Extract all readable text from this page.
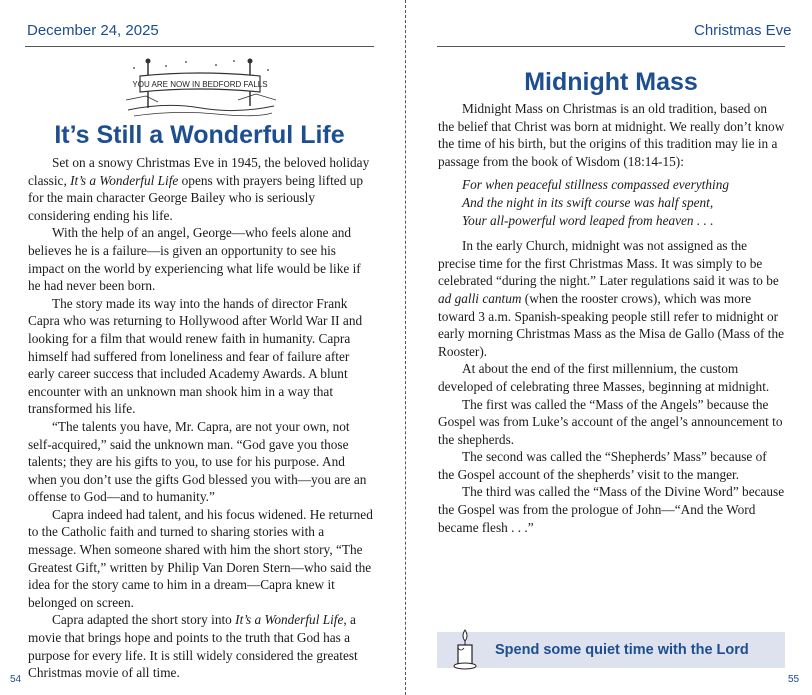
December 24, 2025
YOU ARE NOW IN BEDFORD FALLS
It’s Still a Wonderful Life

Set on a snowy Christmas Eve in 1945, the beloved holiday classic, It’s a Wonderful Life opens with prayers being lifted up for the main character George Bailey who is seriously considering ending his life.

With the help of an angel, George—who feels alone and believes he is a failure—is given an opportunity to see his impact on the world by experiencing what life would be like if he had never been born.

The story made its way into the hands of director Frank Capra who was returning to Hollywood after World War II and looking for a film that would renew faith in humanity. Capra himself had suffered from loneliness and fear of failure after early career success that included Academy Awards. A blunt encounter with an unknown man shook him in a way that transformed his life.

“The talents you have, Mr. Capra, are not your own, not self-acquired,” said the unknown man. “God gave you those talents; they are his gifts to you, to use for his purpose. And when you don’t use the gifts God blessed you with—you are an offense to God—and to humanity.”

Capra indeed had talent, and his focus widened. He returned to the Catholic faith and turned to sharing stories with a message. When someone shared with him the short story, “The Greatest Gift,” written by Philip Van Doren Stern—who said the idea for the story came to him in a dream—Capra knew it belonged on screen.

Capra adapted the short story into It’s a Wonderful Life, a movie that brings hope and points to the truth that God has a purpose for every life. It is still widely considered the greatest Christmas movie of all time.

54
Christmas Eve
Midnight Mass

Midnight Mass on Christmas is an old tradition, based on the belief that Christ was born at midnight. We really don’t know the time of his birth, but the origins of this tradition may lie in a passage from the book of Wisdom (18:14-15):

For when peaceful stillness compassed everything
And the night in its swift course was half spent,
Your all-powerful word leaped from heaven . . .

In the early Church, midnight was not assigned as the precise time for the first Christmas Mass. It was simply to be celebrated “during the night.” Later regulations said it was to be ad galli cantum (when the rooster crows), which was more toward 3 a.m. Spanish-speaking people still refer to midnight or early morning Christmas Mass as the Misa de Gallo (Mass of the Rooster).

At about the end of the first millennium, the custom developed of celebrating three Masses, beginning at midnight.

The first was called the “Mass of the Angels” because the Gospel was from Luke’s account of the angel’s announcement to the shepherds.

The second was called the “Shepherds’ Mass” because of the Gospel account of the shepherds’ visit to the manger.

The third was called the “Mass of the Divine Word” because the Gospel was from the prologue of John—“And the Word became flesh . . .”

Spend some quiet time with the Lord
55
